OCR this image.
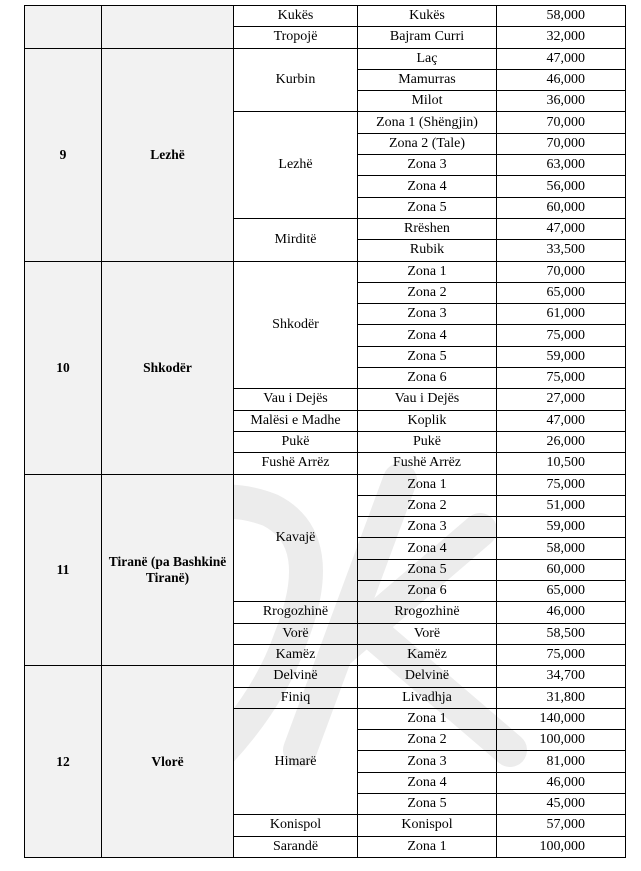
		Kukës	Kukës	58,000
		Tropojë	Bajram Curri	32,000
9	Lezhë	Kurbin	Laç	47,000
			Mamurras	46,000
			Milot	36,000
		Lezhë	Zona 1 (Shëngjin)	70,000
			Zona 2 (Tale)	70,000
			Zona 3	63,000
			Zona 4	56,000
			Zona 5	60,000
		Mirditë	Rrëshen	47,000
			Rubik	33,500
10	Shkodër	Shkodër	Zona 1	70,000
			Zona 2	65,000
			Zona 3	61,000
			Zona 4	75,000
			Zona 5	59,000
			Zona 6	75,000
		Vau i Dejës	Vau i Dejës	27,000
		Malësi e Madhe	Koplik	47,000
		Pukë	Pukë	26,000
		Fushë Arrëz	Fushë Arrëz	10,500
11	Tiranë (pa Bashkinë Tiranë)	Kavajë	Zona 1	75,000
			Zona 2	51,000
			Zona 3	59,000
			Zona 4	58,000
			Zona 5	60,000
			Zona 6	65,000
		Rrogozhinë	Rrogozhinë	46,000
		Vorë	Vorë	58,500
		Kamëz	Kamëz	75,000
12	Vlorë	Delvinë	Delvinë	34,700
		Finiq	Livadhja	31,800
		Himarë	Zona 1	140,000
			Zona 2	100,000
			Zona 3	81,000
			Zona 4	46,000
			Zona 5	45,000
		Konispol	Konispol	57,000
		Sarandë	Zona 1	100,000
